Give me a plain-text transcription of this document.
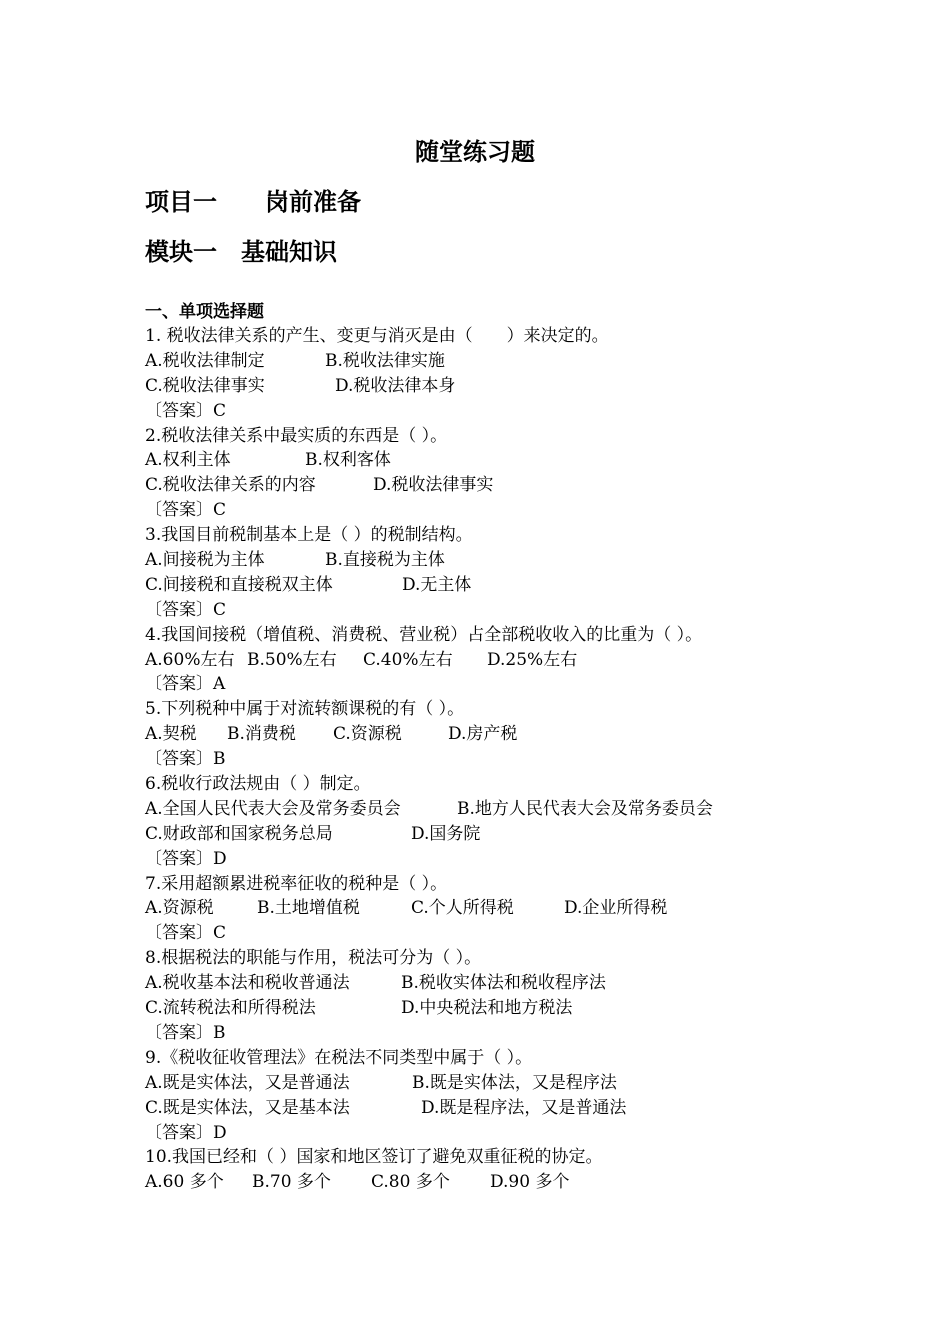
随堂练习题
项目一　　岗前准备
模块一　基础知识
一、单项选择题
1. 税收法律关系的产生、变更与消灭是由（　　）来决定的。
A.税收法律制定	B.税收法律实施
C.税收法律事实	D.税收法律本身
〔答案〕C
2.税收法律关系中最实质的东西是（ ）。
A.权利主体	B.权利客体
C.税收法律关系的内容	D.税收法律事实
〔答案〕C
3.我国目前税制基本上是（ ）的税制结构。
A.间接税为主体	B.直接税为主体
C.间接税和直接税双主体	D.无主体
〔答案〕C
4.我国间接税（增值税、消费税、营业税）占全部税收收入的比重为（ ）。
A.60%左右 B.50%左右 C.40%左右 D.25%左右
〔答案〕A
5.下列税种中属于对流转额课税的有（ ）。
A.契税 B.消费税 C.资源税	D.房产税
〔答案〕B
6.税收行政法规由（ ）制定。
A.全国人民代表大会及常务委员会	B.地方人民代表大会及常务委员会
C.财政部和国家税务总局	D.国务院
〔答案〕D
7.采用超额累进税率征收的税种是（ ）。
A.资源税	B.土地增值税	C.个人所得税	D.企业所得税
〔答案〕C
8.根据税法的职能与作用，税法可分为（ ）。
A.税收基本法和税收普通法	B.税收实体法和税收程序法
C.流转税法和所得税法	D.中央税法和地方税法
〔答案〕B
9.《税收征收管理法》在税法不同类型中属于（ ）。
A.既是实体法，又是普通法	B.既是实体法，又是程序法
C.既是实体法，又是基本法	D.既是程序法，又是普通法
〔答案〕D
10.我国已经和（ ）国家和地区签订了避免双重征税的协定。
A.60 多个 B.70 多个 C.80 多个 D.90 多个
